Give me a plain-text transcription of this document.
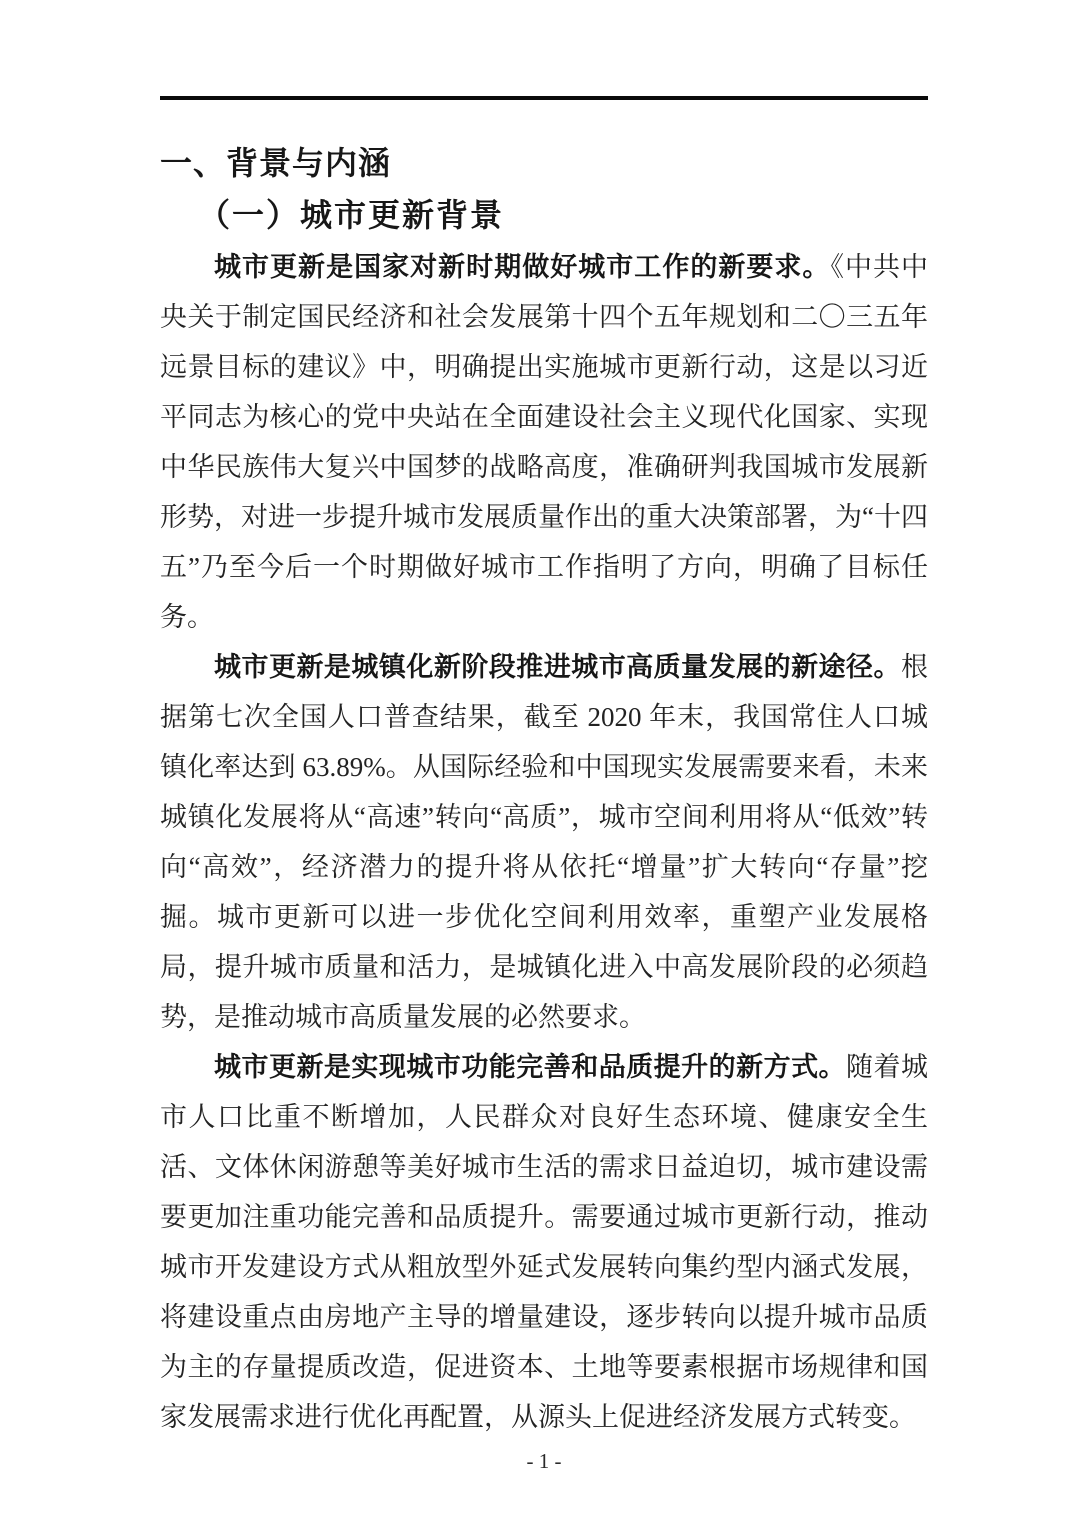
一、背景与内涵
（一）城市更新背景

城市更新是国家对新时期做好城市工作的新要求。《中共中央关于制定国民经济和社会发展第十四个五年规划和二〇三五年远景目标的建议》中，明确提出实施城市更新行动，这是以习近平同志为核心的党中央站在全面建设社会主义现代化国家、实现中华民族伟大复兴中国梦的战略高度，准确研判我国城市发展新形势，对进一步提升城市发展质量作出的重大决策部署，为“十四五”乃至今后一个时期做好城市工作指明了方向，明确了目标任务。

城市更新是城镇化新阶段推进城市高质量发展的新途径。根据第七次全国人口普查结果，截至 2020 年末，我国常住人口城镇化率达到 63.89%。从国际经验和中国现实发展需要来看，未来城镇化发展将从“高速”转向“高质”，城市空间利用将从“低效”转向“高效”，经济潜力的提升将从依托“增量”扩大转向“存量”挖掘。城市更新可以进一步优化空间利用效率，重塑产业发展格局，提升城市质量和活力，是城镇化进入中高发展阶段的必须趋势，是推动城市高质量发展的必然要求。

城市更新是实现城市功能完善和品质提升的新方式。随着城市人口比重不断增加，人民群众对良好生态环境、健康安全生活、文体休闲游憩等美好城市生活的需求日益迫切，城市建设需要更加注重功能完善和品质提升。需要通过城市更新行动，推动城市开发建设方式从粗放型外延式发展转向集约型内涵式发展，将建设重点由房地产主导的增量建设，逐步转向以提升城市品质为主的存量提质改造，促进资本、土地等要素根据市场规律和国家发展需求进行优化再配置，从源头上促进经济发展方式转变。

- 1 -
